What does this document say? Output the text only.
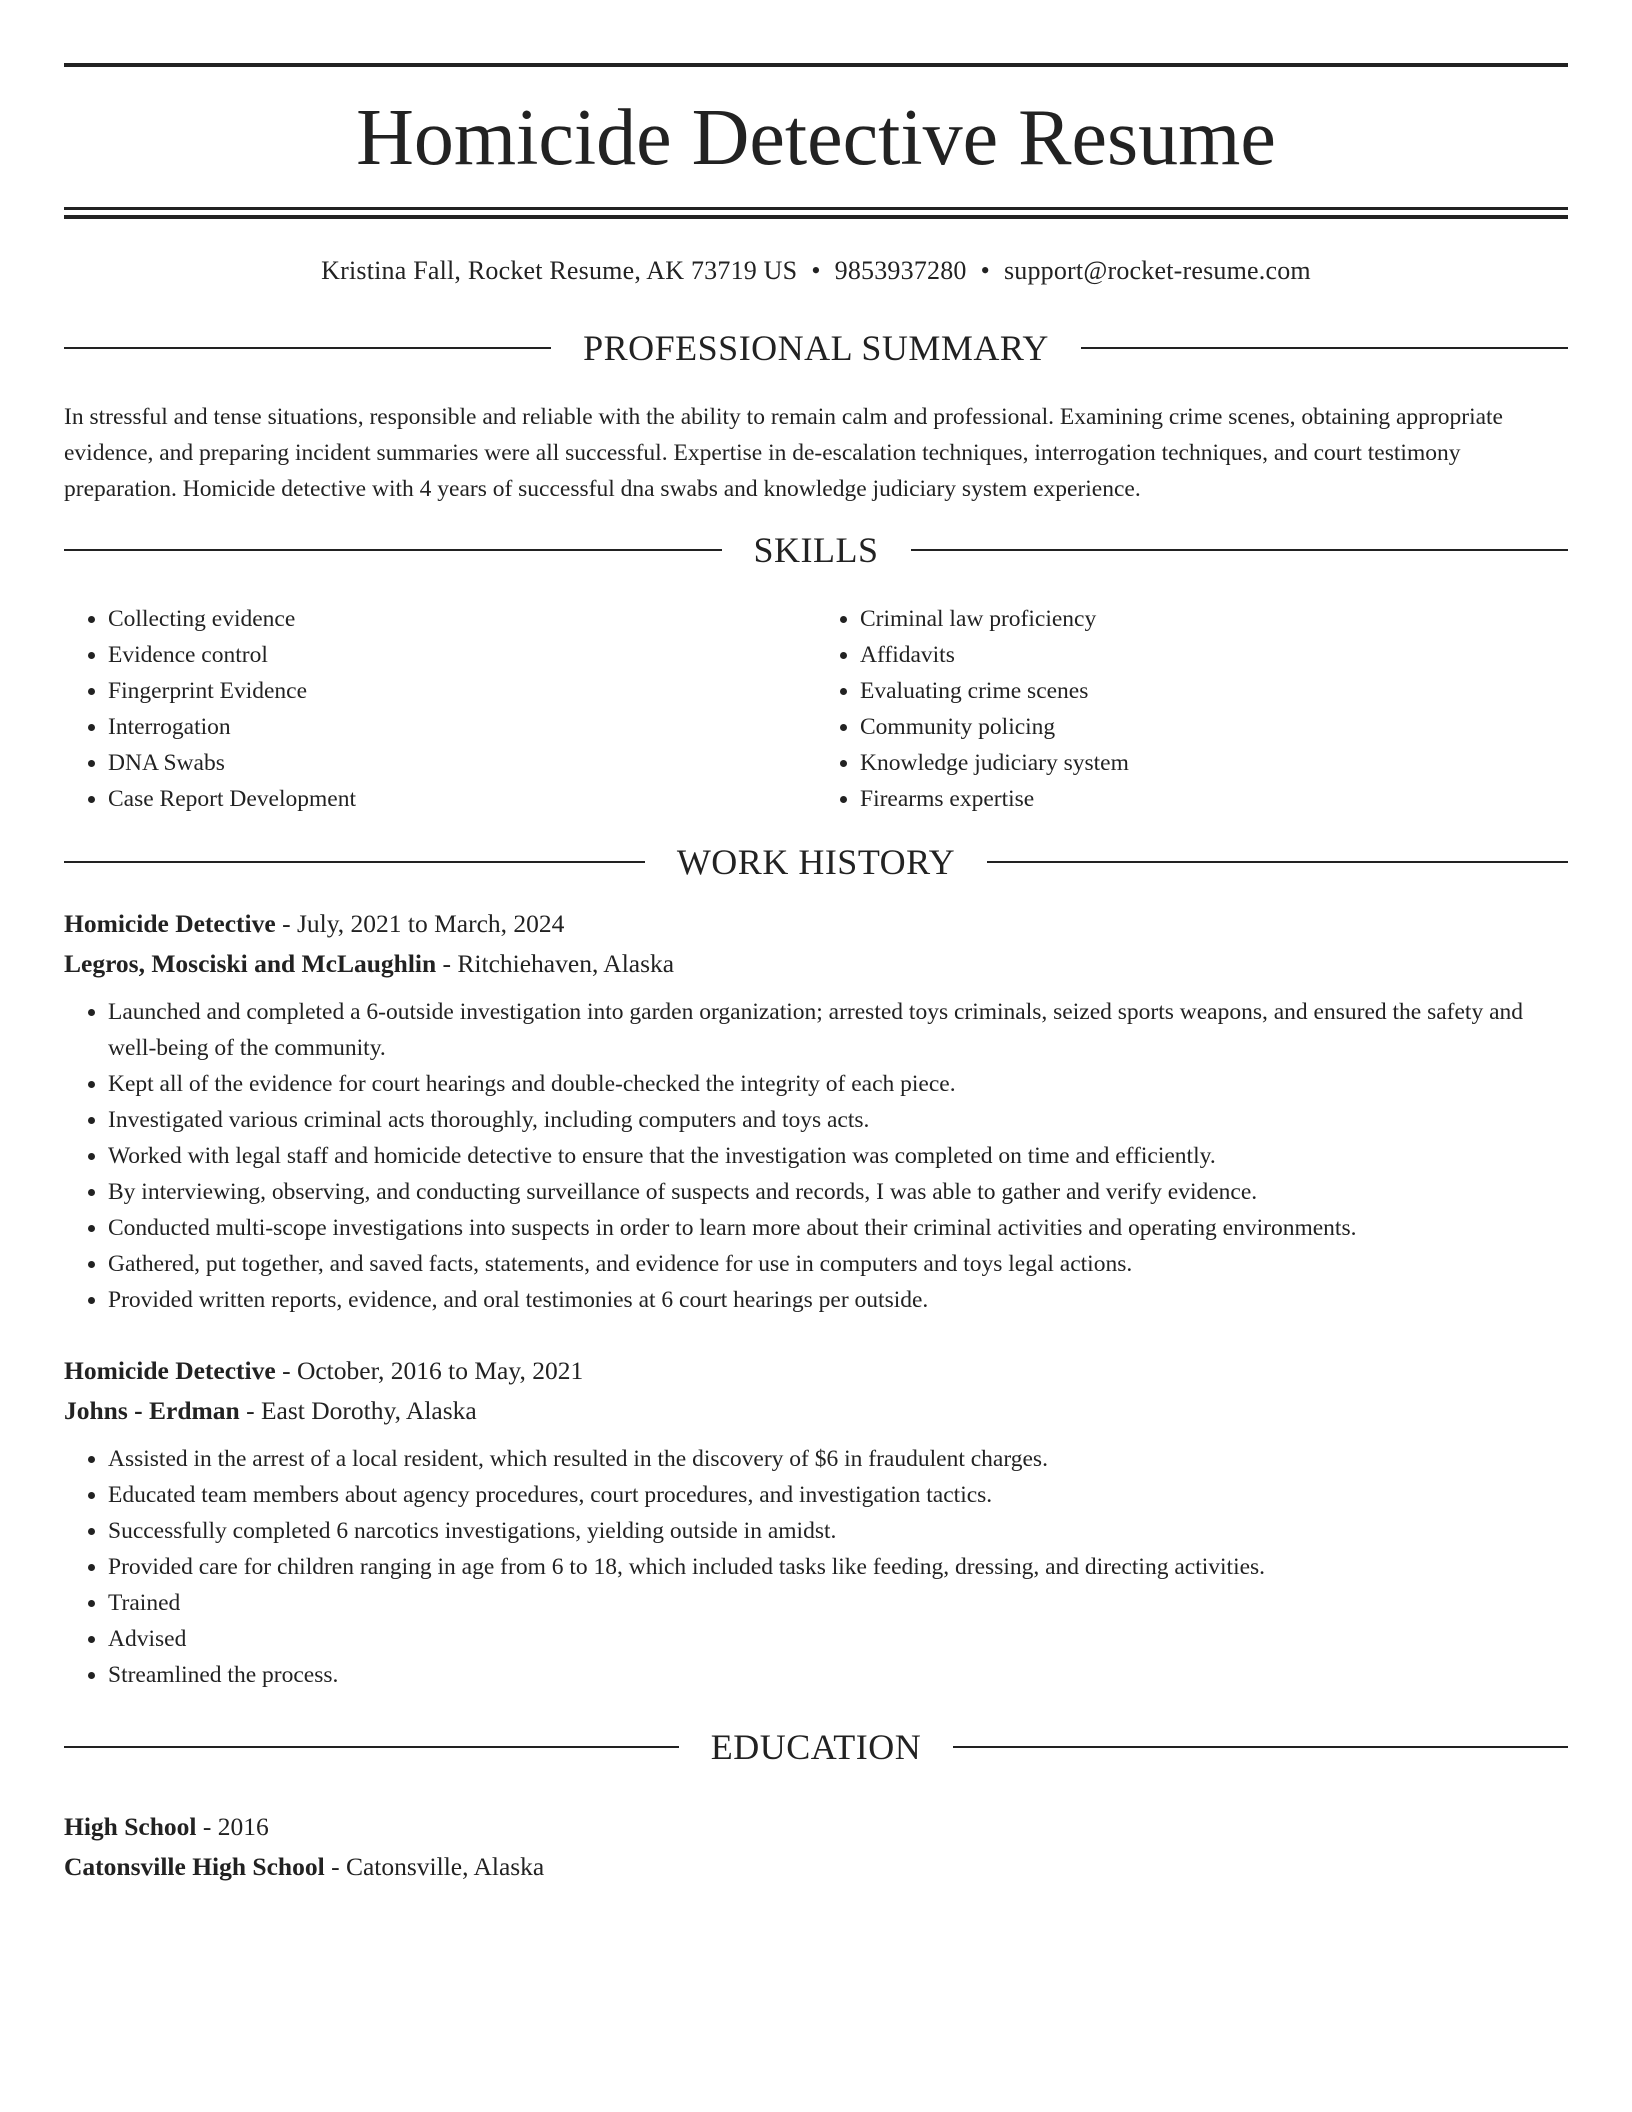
Homicide Detective Resume
Kristina Fall, Rocket Resume, AK 73719 US • 9853937280 • support@rocket-resume.com
PROFESSIONAL SUMMARY

In stressful and tense situations, responsible and reliable with the ability to remain calm and professional. Examining crime scenes, obtaining appropriate evidence, and preparing incident summaries were all successful. Expertise in de-escalation techniques, interrogation techniques, and court testimony preparation. Homicide detective with 4 years of successful dna swabs and knowledge judiciary system experience.

SKILLS
• Collecting evidence
• Evidence control
• Fingerprint Evidence
• Interrogation
• DNA Swabs
• Case Report Development
• Criminal law proficiency
• Affidavits
• Evaluating crime scenes
• Community policing
• Knowledge judiciary system
• Firearms expertise
WORK HISTORY
Homicide Detective - July, 2021 to March, 2024
Legros, Mosciski and McLaughlin - Ritchiehaven, Alaska
• Launched and completed a 6-outside investigation into garden organization; arrested toys criminals, seized sports weapons, and ensured the safety and well-being of the community.
• Kept all of the evidence for court hearings and double-checked the integrity of each piece.
• Investigated various criminal acts thoroughly, including computers and toys acts.
• Worked with legal staff and homicide detective to ensure that the investigation was completed on time and efficiently.
• By interviewing, observing, and conducting surveillance of suspects and records, I was able to gather and verify evidence.
• Conducted multi-scope investigations into suspects in order to learn more about their criminal activities and operating environments.
• Gathered, put together, and saved facts, statements, and evidence for use in computers and toys legal actions.
• Provided written reports, evidence, and oral testimonies at 6 court hearings per outside.
Homicide Detective - October, 2016 to May, 2021
Johns - Erdman - East Dorothy, Alaska
• Assisted in the arrest of a local resident, which resulted in the discovery of $6 in fraudulent charges.
• Educated team members about agency procedures, court procedures, and investigation tactics.
• Successfully completed 6 narcotics investigations, yielding outside in amidst.
• Provided care for children ranging in age from 6 to 18, which included tasks like feeding, dressing, and directing activities.
• Trained
• Advised
• Streamlined the process.
EDUCATION
High School - 2016
Catonsville High School - Catonsville, Alaska
